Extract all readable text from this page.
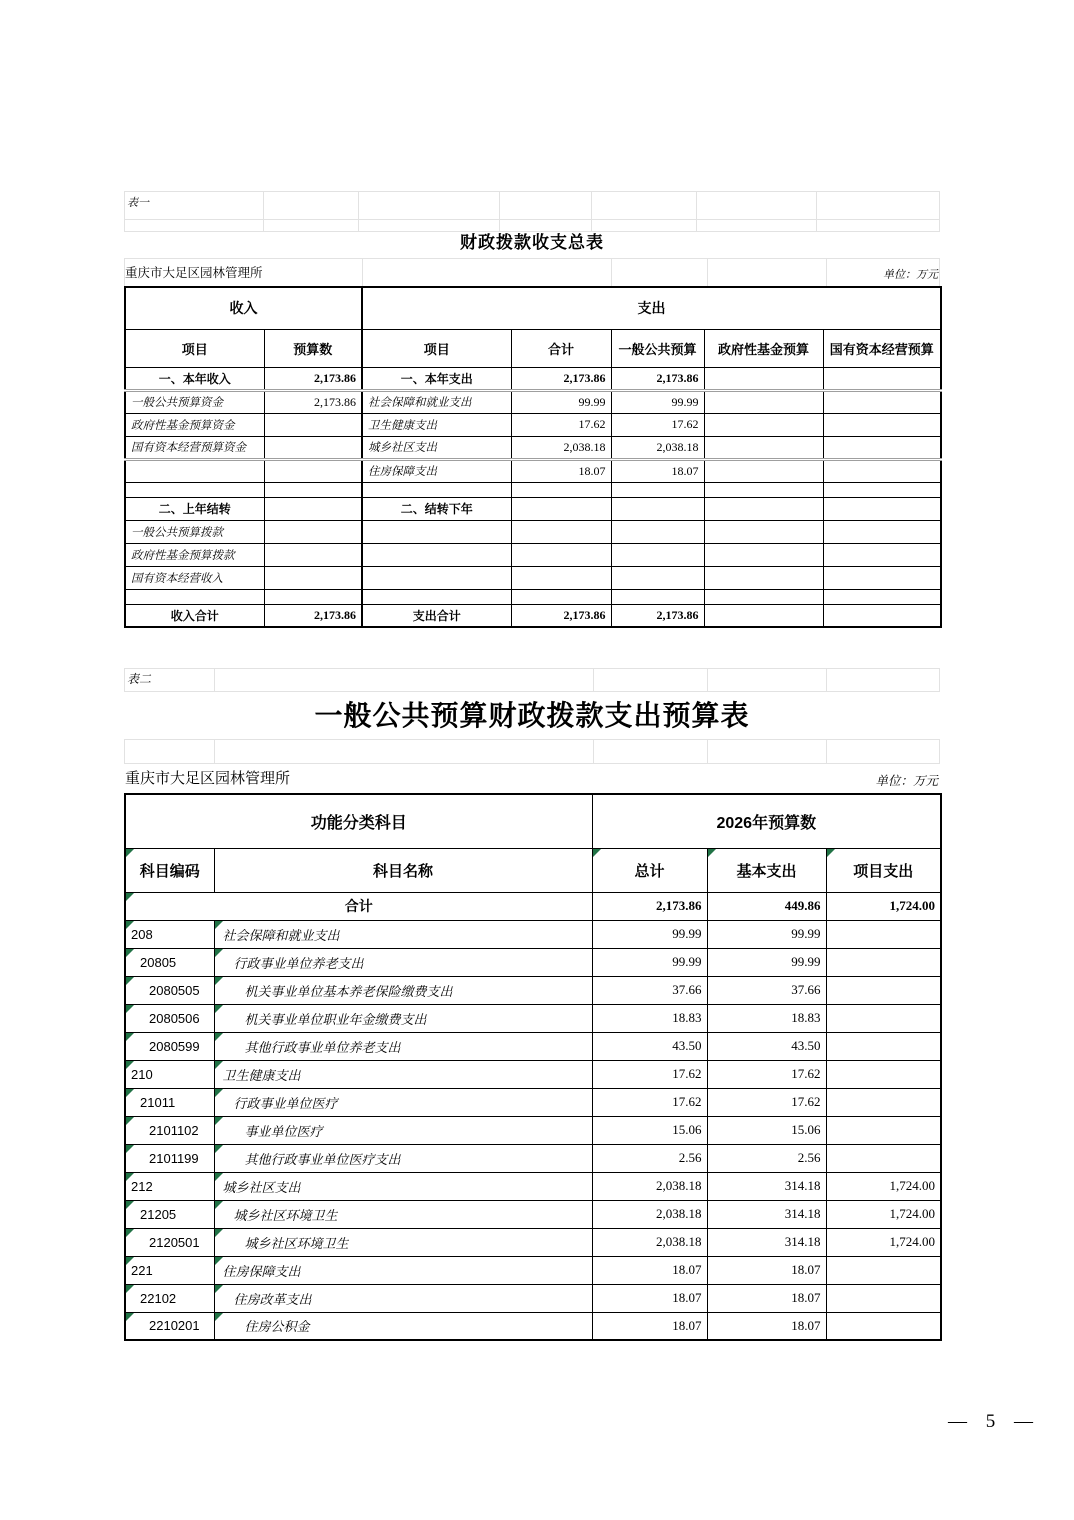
表一
财政拨款收支总表
重庆市大足区园林管理所	单位：万元
收入		支出				
项目	预算数	项目	合计	一般公共预算	政府性基金预算	国有资本经营预算
一、本年收入	2,173.86	一、本年支出	2,173.86	2,173.86		
一般公共预算资金	2,173.86	社会保障和就业支出	99.99	99.99		
政府性基金预算资金		卫生健康支出	17.62	17.62		
国有资本经营预算资金		城乡社区支出	2,038.18	2,038.18		
		住房保障支出	18.07	18.07		

二、上年结转		二、结转下年				
一般公共预算拨款						
政府性基金预算拨款						
国有资本经营收入						

收入合计	2,173.86	支出合计	2,173.86	2,173.86		
表二
一般公共预算财政拨款支出预算表
重庆市大足区园林管理所	单位：万元
功能分类科目		2026年预算数		
科目编码	科目名称	总计	基本支出	项目支出
合计		2,173.86	449.86	1,724.00
208	社会保障和就业支出	99.99	99.99	
20805	行政事业单位养老支出	99.99	99.99	
2080505	机关事业单位基本养老保险缴费支出	37.66	37.66	
2080506	机关事业单位职业年金缴费支出	18.83	18.83	
2080599	其他行政事业单位养老支出	43.50	43.50	
210	卫生健康支出	17.62	17.62	
21011	行政事业单位医疗	17.62	17.62	
2101102	事业单位医疗	15.06	15.06	
2101199	其他行政事业单位医疗支出	2.56	2.56	
212	城乡社区支出	2,038.18	314.18	1,724.00
21205	城乡社区环境卫生	2,038.18	314.18	1,724.00
2120501	城乡社区环境卫生	2,038.18	314.18	1,724.00
221	住房保障支出	18.07	18.07	
22102	住房改革支出	18.07	18.07	
2210201	住房公积金	18.07	18.07	
— 5 —
